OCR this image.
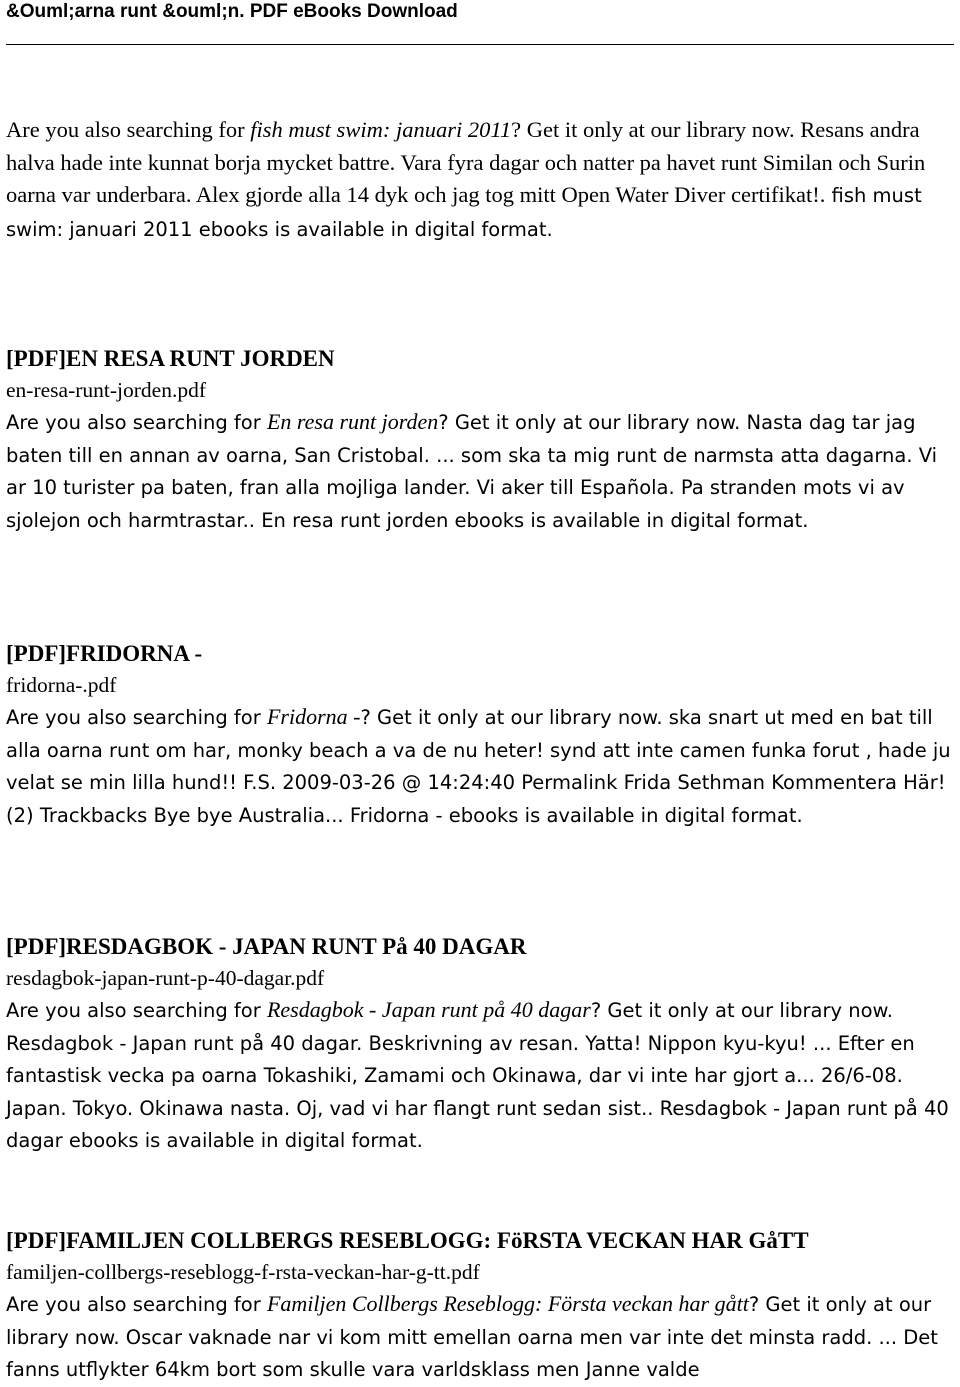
&Ouml;arna runt &ouml;n. PDF eBooks Download

Are you also searching for fish must swim: januari 2011? Get it only at our library now. Resans andra halva hade inte kunnat borja mycket battre. Vara fyra dagar och natter pa havet runt Similan och Surin oarna var underbara. Alex gjorde alla 14 dyk och jag tog mitt Open Water Diver certifikat!. fish must swim: januari 2011 ebooks is available in digital format.

[PDF]EN RESA RUNT JORDEN

en-resa-runt-jorden.pdf

Are you also searching for En resa runt jorden? Get it only at our library now. Nasta dag tar jag baten till en annan av oarna, San Cristobal. ... som ska ta mig runt de narmsta atta dagarna. Vi ar 10 turister pa baten, fran alla mojliga lander. Vi aker till Española. Pa stranden mots vi av sjolejon och harmtrastar.. En resa runt jorden ebooks is available in digital format.

[PDF]FRIDORNA -

fridorna-.pdf

Are you also searching for Fridorna -? Get it only at our library now. ska snart ut med en bat till alla oarna runt om har, monky beach a va de nu heter! synd att inte camen funka forut , hade ju velat se min lilla hund!! F.S. 2009-03-26 @ 14:24:40 Permalink Frida Sethman Kommentera Här! (2) Trackbacks Bye bye Australia... Fridorna - ebooks is available in digital format.

[PDF]RESDAGBOK - JAPAN RUNT På 40 DAGAR

resdagbok-japan-runt-p-40-dagar.pdf

Are you also searching for Resdagbok - Japan runt på 40 dagar? Get it only at our library now. Resdagbok - Japan runt på 40 dagar. Beskrivning av resan. Yatta! Nippon kyu-kyu! ... Efter en fantastisk vecka pa oarna Tokashiki, Zamami och Okinawa, dar vi inte har gjort a... 26/6-08. Japan. Tokyo. Okinawa nasta. Oj, vad vi har flangt runt sedan sist.. Resdagbok - Japan runt på 40 dagar ebooks is available in digital format.

[PDF]FAMILJEN COLLBERGS RESEBLOGG: FöRSTA VECKAN HAR GåTT

familjen-collbergs-reseblogg-f-rsta-veckan-har-g-tt.pdf

Are you also searching for Familjen Collbergs Reseblogg: Första veckan har gått? Get it only at our library now. Oscar vaknade nar vi kom mitt emellan oarna men var inte det minsta radd. ... Det fanns utflykter 64km bort som skulle vara varldsklass men Janne valde
